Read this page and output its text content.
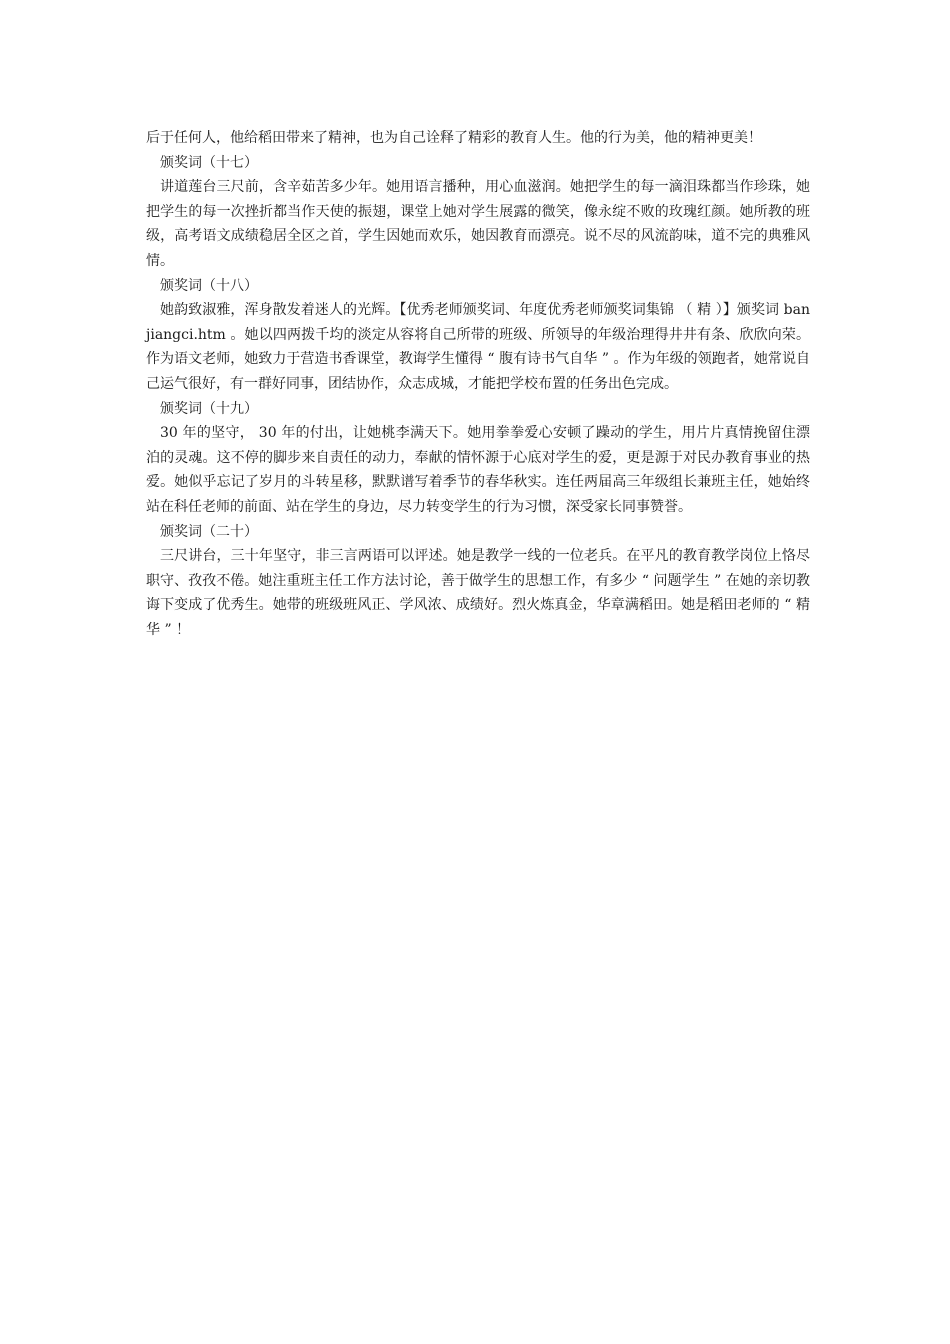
后于任何人，他给稻田带来了精神，也为自己诠释了精彩的教育人生。他的行为美，他的精神更美！

颁奖词（十七）

讲道莲台三尺前，含辛茹苦多少年。她用语言播种，用心血滋润。她把学生的每一滴泪珠都当作珍珠，她把学生的每一次挫折都当作天使的振翅，课堂上她对学生展露的微笑，像永绽不败的玫瑰红颜。她所教的班级，高考语文成绩稳居全区之首，学生因她而欢乐，她因教育而漂亮。说不尽的风流韵味，道不完的典雅风情。

颁奖词（十八）

她韵致淑雅，浑身散发着迷人的光辉。【优秀老师颁奖词、年度优秀老师颁奖词集锦 （ 精 ）】颁奖词 banjiangci.htm 。她以四两拨千均的淡定从容将自己所带的班级、所领导的年级治理得井井有条、欣欣向荣。作为语文老师，她致力于营造书香课堂，教诲学生懂得 “ 腹有诗书气自华 ” 。作为年级的领跑者，她常说自己运气很好，有一群好同事，团结协作，众志成城，才能把学校布置的任务出色完成。

颁奖词（十九）

30 年的坚守， 30 年的付出，让她桃李满天下。她用拳拳爱心安顿了躁动的学生，用片片真情挽留住漂泊的灵魂。这不停的脚步来自责任的动力，奉献的情怀源于心底对学生的爱，更是源于对民办教育事业的热爱。她似乎忘记了岁月的斗转星移，默默谱写着季节的春华秋实。连任两届高三年级组长兼班主任，她始终站在科任老师的前面、站在学生的身边，尽力转变学生的行为习惯，深受家长同事赞誉。

颁奖词（二十）

三尺讲台，三十年坚守，非三言两语可以评述。她是教学一线的一位老兵。在平凡的教育教学岗位上恪尽职守、孜孜不倦。她注重班主任工作方法讨论，善于做学生的思想工作，有多少 “ 问题学生 ” 在她的亲切教诲下变成了优秀生。她带的班级班风正、学风浓、成绩好。烈火炼真金，华章满稻田。她是稻田老师的 “ 精华 ” ！
